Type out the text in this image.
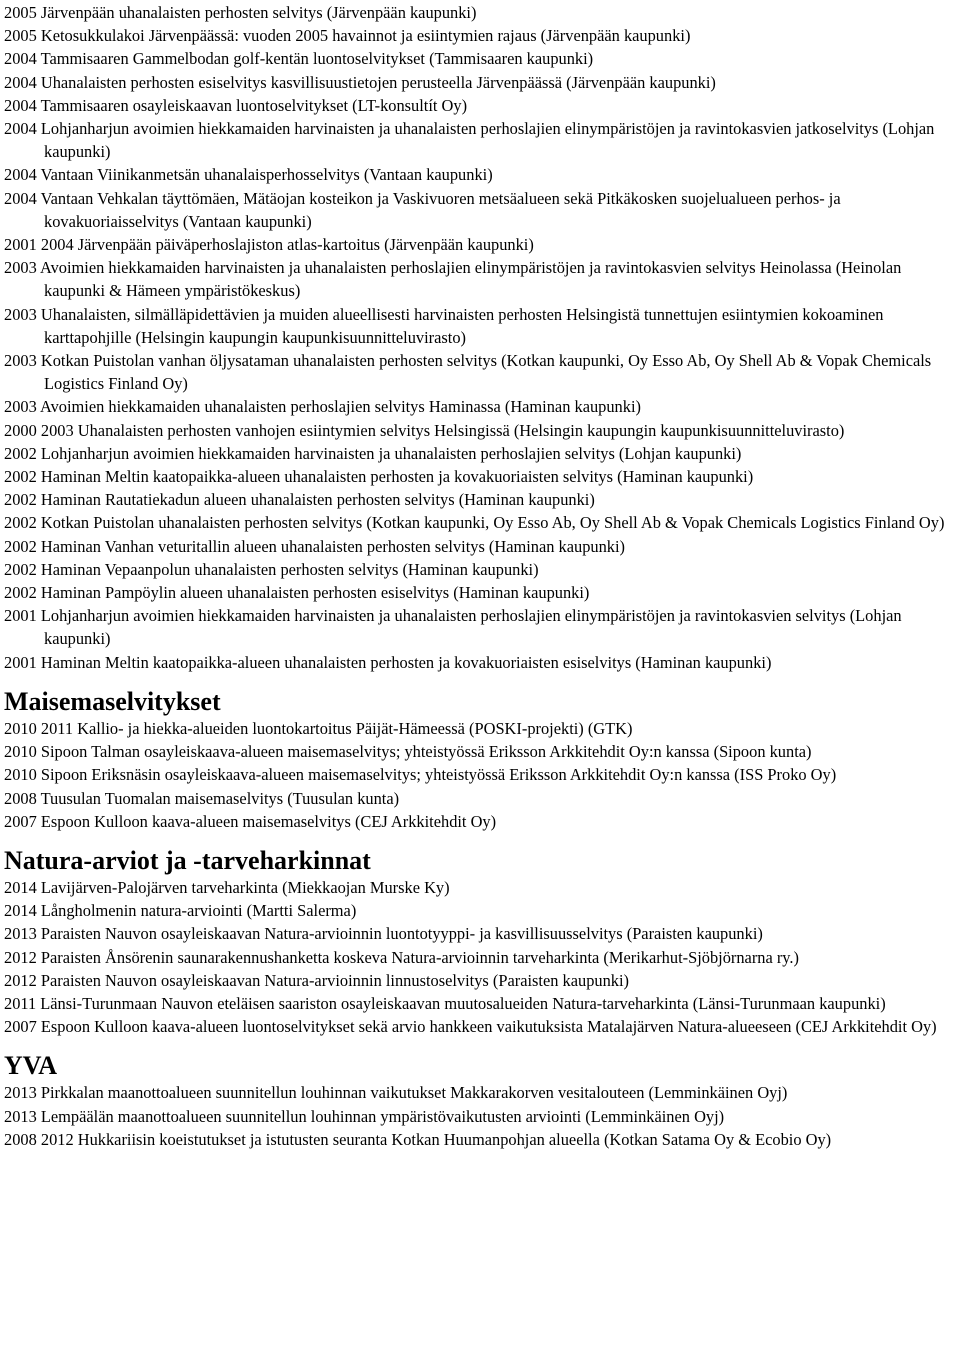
2005 Järvenpään uhanalaisten perhosten selvitys (Järvenpään kaupunki)
2005 Ketosukkulakoi Järvenpäässä: vuoden 2005 havainnot ja esiintymien rajaus (Järvenpään kaupunki)
2004 Tammisaaren Gammelbodan golf-kentän luontoselvitykset (Tammisaaren kaupunki)
2004 Uhanalaisten perhosten esiselvitys kasvillisuustietojen perusteella Järvenpäässä (Järvenpään kaupunki)
2004 Tammisaaren osayleiskaavan luontoselvitykset (LT-konsultít Oy)
2004 Lohjanharjun avoimien hiekkamaiden harvinaisten ja uhanalaisten perhoslajien elinympäristöjen ja ravintokasvien jatkoselvitys (Lohjan kaupunki)
2004 Vantaan Viinikanmetsän uhanalaisperhosselvitys (Vantaan kaupunki)
2004 Vantaan Vehkalan täyttömäen, Mätäojan kosteikon ja Vaskivuoren metsäalueen sekä Pitkäkosken suojelualueen perhos- ja kovakuoriaisselvitys (Vantaan kaupunki)
2001 2004 Järvenpään päiväperhoslajiston atlas-kartoitus (Järvenpään kaupunki)
2003 Avoimien hiekkamaiden harvinaisten ja uhanalaisten perhoslajien elinympäristöjen ja ravintokasvien selvitys Heinolassa (Heinolan kaupunki & Hämeen ympäristökeskus)
2003 Uhanalaisten, silmälläpidettävien ja muiden alueellisesti harvinaisten perhosten Helsingistä tunnettujen esiintymien kokoaminen karttapohjille (Helsingin kaupungin kaupunkisuunnitteluvirasto)
2003 Kotkan Puistolan vanhan öljysataman uhanalaisten perhosten selvitys (Kotkan kaupunki, Oy Esso Ab, Oy Shell Ab & Vopak Chemicals Logistics Finland Oy)
2003 Avoimien hiekkamaiden uhanalaisten perhoslajien selvitys Haminassa (Haminan kaupunki)
2000 2003 Uhanalaisten perhosten vanhojen esiintymien selvitys Helsingissä (Helsingin kaupungin kaupunkisuunnitteluvirasto)
2002 Lohjanharjun avoimien hiekkamaiden harvinaisten ja uhanalaisten perhoslajien selvitys (Lohjan kaupunki)
2002 Haminan Meltin kaatopaikka-alueen uhanalaisten perhosten ja kovakuoriaisten selvitys (Haminan kaupunki)
2002 Haminan Rautatiekadun alueen uhanalaisten perhosten selvitys (Haminan kaupunki)
2002 Kotkan Puistolan uhanalaisten perhosten selvitys (Kotkan kaupunki, Oy Esso Ab, Oy Shell Ab & Vopak Chemicals Logistics Finland Oy)
2002 Haminan Vanhan veturitallin alueen uhanalaisten perhosten selvitys (Haminan kaupunki)
2002 Haminan Vepaanpolun uhanalaisten perhosten selvitys (Haminan kaupunki)
2002 Haminan Pampöylin alueen uhanalaisten perhosten esiselvitys (Haminan kaupunki)
2001 Lohjanharjun avoimien hiekkamaiden harvinaisten ja uhanalaisten perhoslajien elinympäristöjen ja ravintokasvien selvitys (Lohjan kaupunki)
2001 Haminan Meltin kaatopaikka-alueen uhanalaisten perhosten ja kovakuoriaisten esiselvitys (Haminan kaupunki)
Maisemaselvitykset
2010 2011 Kallio- ja hiekka-alueiden luontokartoitus Päijät-Hämeessä (POSKI-projekti) (GTK)
2010 Sipoon Talman osayleiskaava-alueen maisemaselvitys; yhteistyössä Eriksson Arkkitehdit Oy:n kanssa (Sipoon kunta)
2010 Sipoon Eriksnäsin osayleiskaava-alueen maisemaselvitys; yhteistyössä Eriksson Arkkitehdit Oy:n kanssa (ISS Proko Oy)
2008 Tuusulan Tuomalan maisemaselvitys (Tuusulan kunta)
2007 Espoon Kulloon kaava-alueen maisemaselvitys (CEJ Arkkitehdit Oy)
Natura-arviot ja -tarveharkinnat
2014 Lavijärven-Palojärven tarveharkinta (Miekkaojan Murske Ky)
2014 Långholmenin natura-arviointi (Martti Salerma)
2013 Paraisten Nauvon osayleiskaavan Natura-arvioinnin luontotyyppi- ja kasvillisuusselvitys (Paraisten kaupunki)
2012 Paraisten Ånsörenin saunarakennushanketta koskeva Natura-arvioinnin tarveharkinta (Merikarhut-Sjöbjörnarna ry.)
2012 Paraisten Nauvon osayleiskaavan Natura-arvioinnin linnustoselvitys (Paraisten kaupunki)
2011 Länsi-Turunmaan Nauvon eteläisen saariston osayleiskaavan muutosalueiden Natura-tarveharkinta (Länsi-Turunmaan kaupunki)
2007 Espoon Kulloon kaava-alueen luontoselvitykset sekä arvio hankkeen vaikutuksista Matalajärven Natura-alueeseen (CEJ Arkkitehdit Oy)
YVA
2013 Pirkkalan maanottoalueen suunnitellun louhinnan vaikutukset Makkarakorven vesitalouteen (Lemminkäinen Oyj)
2013 Lempäälän maanottoalueen suunnitellun louhinnan ympäristövaikutusten arviointi (Lemminkäinen Oyj)
2008 2012 Hukkariisin koeistutukset ja istutusten seuranta Kotkan Huumanpohjan alueella (Kotkan Satama Oy & Ecobio Oy)
